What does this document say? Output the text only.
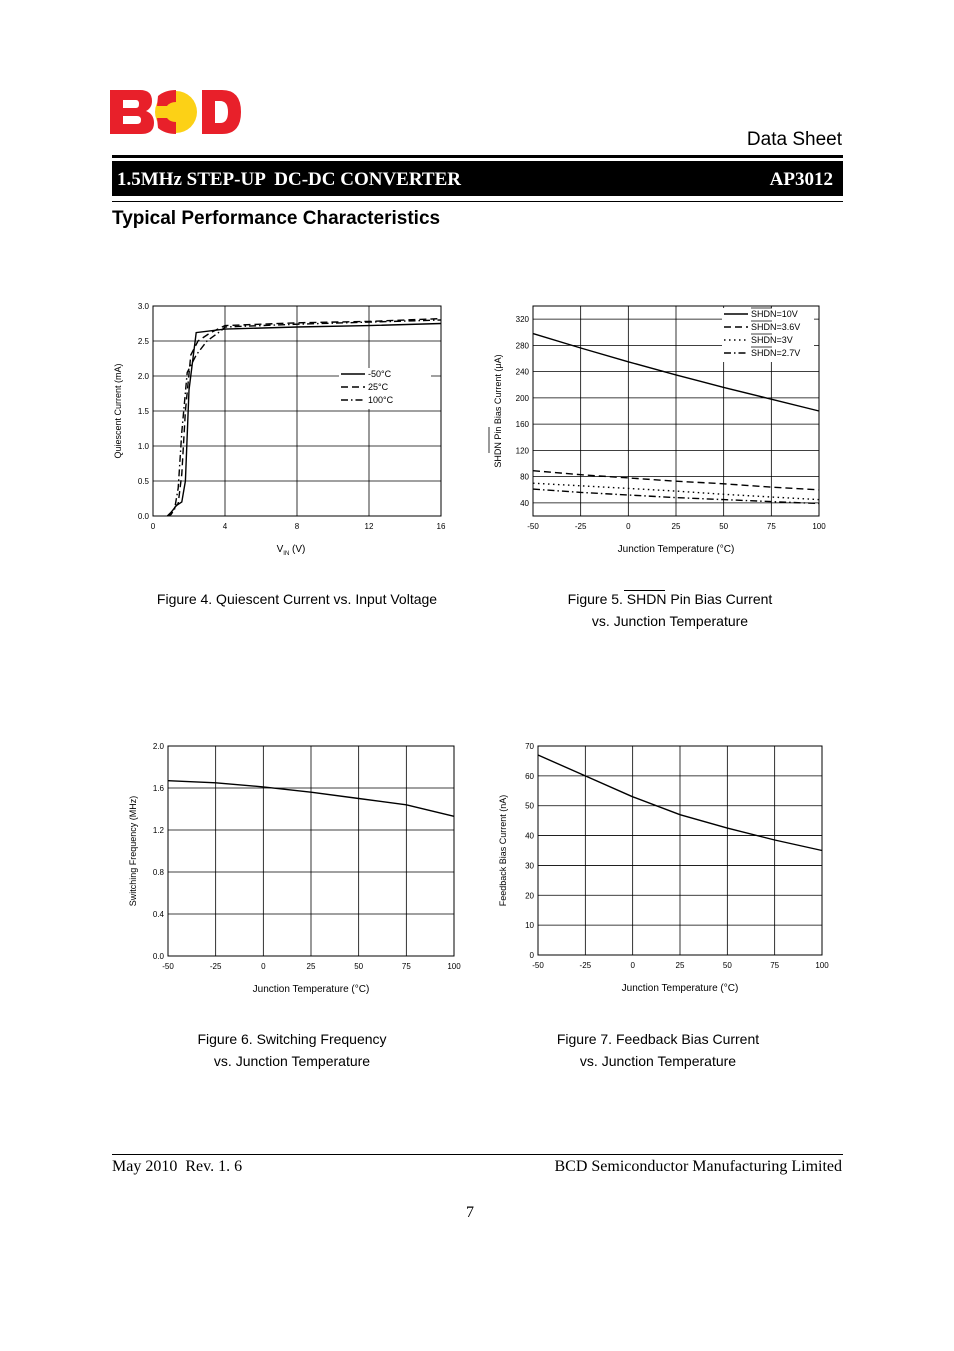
Data Sheet
1.5MHz STEP-UP  DC-DC CONVERTER	AP3012
Typical Performance Characteristics
0	4	8	12	16
0.0
0.5
1.0
1.5
2.0
2.5
3.0
-50°C
25°C
100°C
Quiescent Current (mA)
$V_{IN}$ (V)
-50	-25	0	25	50	75	100
40
80
120
160
200
240
280
320
SHDN=10V
SHDN=3.6V
SHDN=3V
SHDN=2.7V
SHDN Pin Bias Current (μA)
Junction Temperature (°C)
-50	-25	0	25	50	75	100
0.0
0.4
0.8
1.2
1.6
2.0
Switching Frequency (MHz)
Junction Temperature (°C)
-50	-25	0	25	50	75	100
0
10
20
30
40
50
60
70
Feedback Bias Current (nA)
Junction Temperature (°C)
Figure 4. Quiescent Current vs. Input Voltage	Figure 5. SHDN Pin Bias Current
vs. Junction Temperature
Figure 6. Switching Frequency
vs. Junction Temperature
Figure 7. Feedback Bias Current
vs. Junction Temperature
May 2010  Rev. 1. 6	BCD Semiconductor Manufacturing Limited
7
